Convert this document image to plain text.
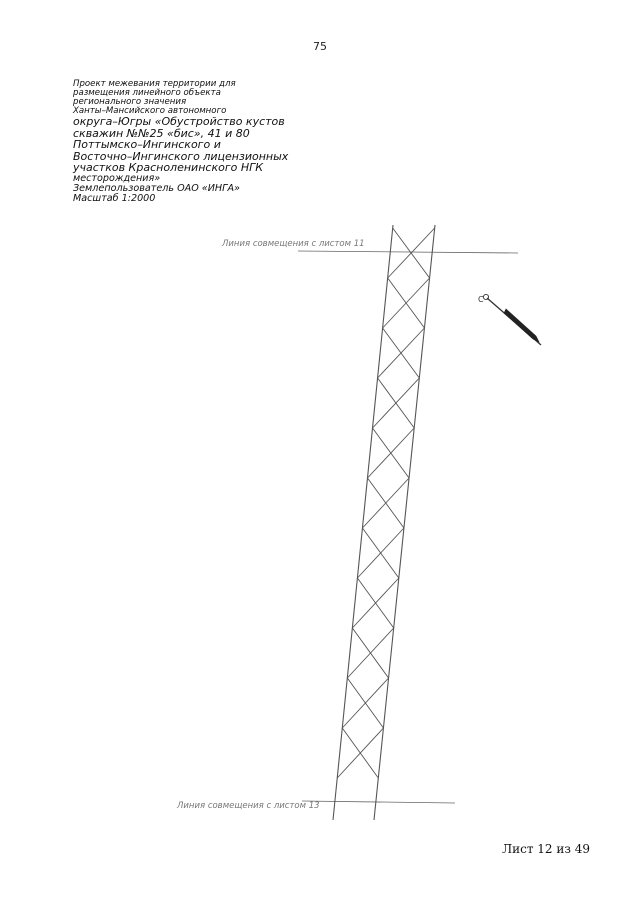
75
Проект межевания территории для
размещения линейного объекта
регионального значения
Ханты–Мансийского автономного
округа–Югры «Обустройство кустов
скважин №№25 «бис», 41 и 80
Поттымско–Ингинского и
Восточно–Ингинского лицензионных
участков Красноленинского НГК
месторождения»
Землепользователь ОАО «ИНГА»
Масштаб 1:2000
Линия совмещения с листом 11
Линия совмещения с листом 13
С
Лист 12 из 49
